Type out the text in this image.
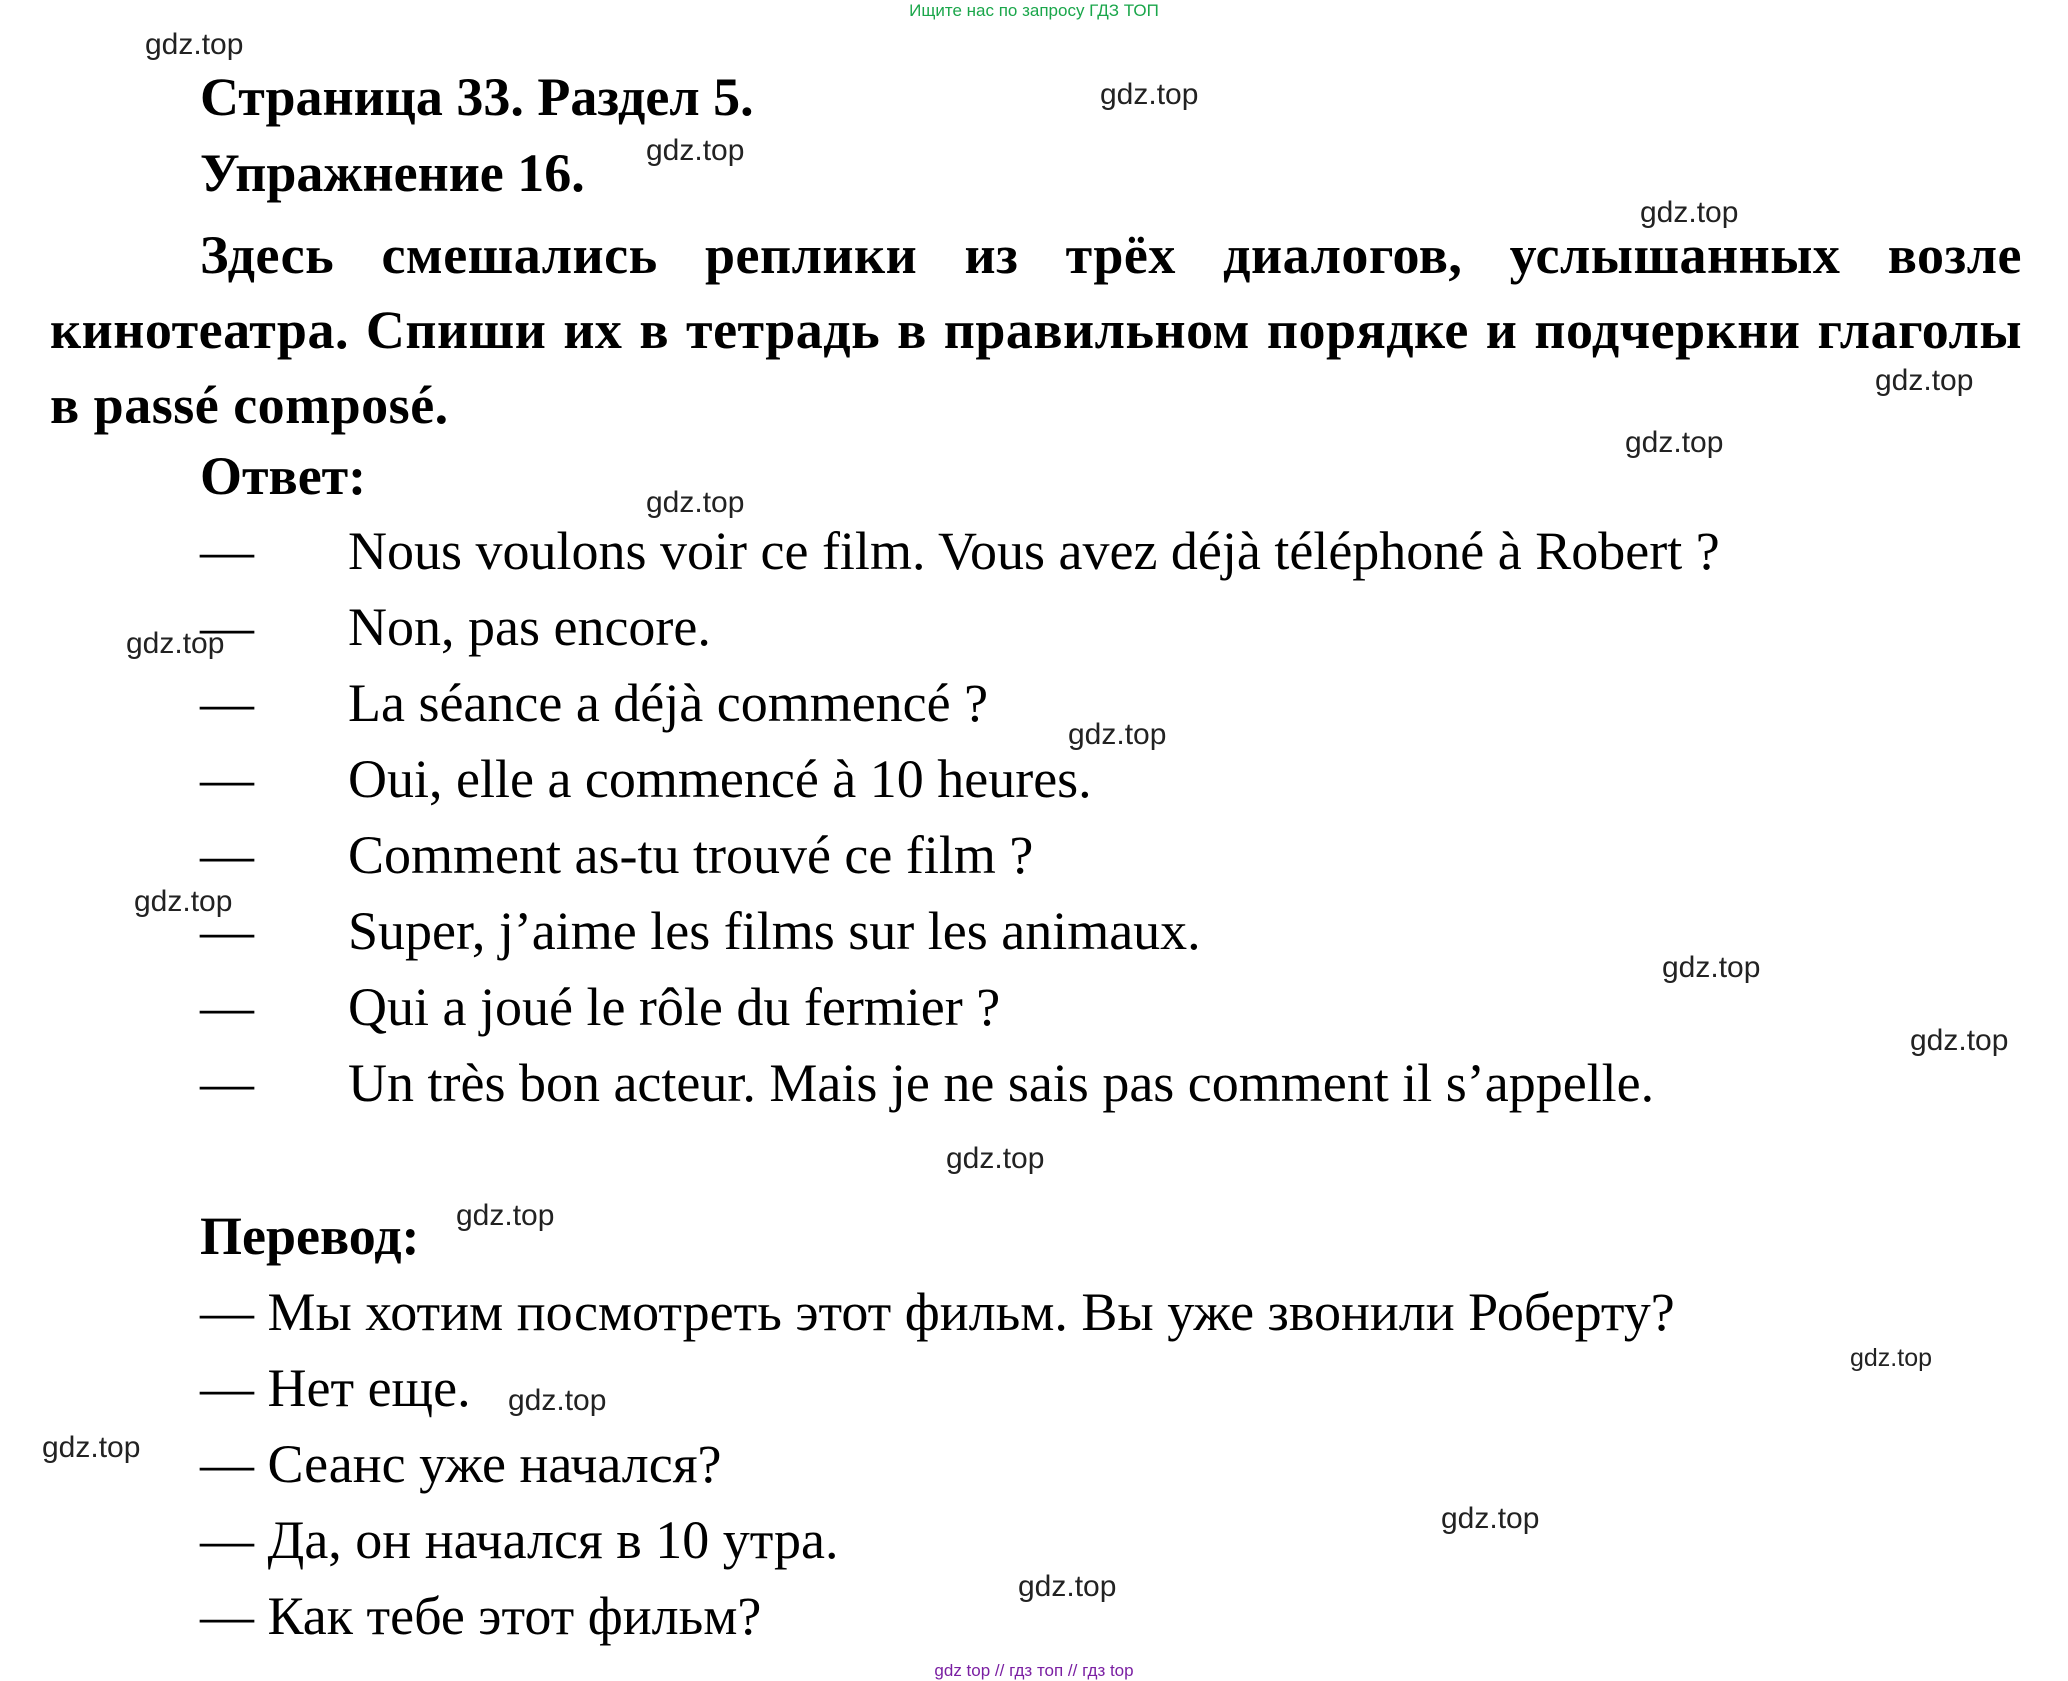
Ищите нас по запросу ГДЗ ТОП
Страница 33. Раздел 5.
Упражнение 16.
Здесь смешались реплики из трёх диалогов, услышанных возле кинотеатра. Спиши их в тетрадь в правильном порядке и подчеркни глаголы в passé composé.
Ответ:
— Nous voulons voir ce film. Vous avez déjà téléphoné à Robert ?
— Non, pas encore.
— La séance a déjà commencé ?
— Oui, elle a commencé à 10 heures.
— Comment as-tu trouvé ce film ?
— Super, j’aime les films sur les animaux.
— Qui a joué le rôle du fermier ?
— Un très bon acteur. Mais je ne sais pas comment il s’appelle.
Перевод:
— Мы хотим посмотреть этот фильм. Вы уже звонили Роберту?
— Нет еще.
— Сеанс уже начался?
— Да, он начался в 10 утра.
— Как тебе этот фильм?
gdz.top
gdz.top
gdz.top
gdz.top
gdz.top
gdz.top
gdz.top
gdz.top
gdz.top
gdz.top
gdz.top
gdz.top
gdz.top
gdz.top
gdz.top
gdz.top
gdz.top
gdz.top
gdz.top
gdz top // гдз топ // гдз top
